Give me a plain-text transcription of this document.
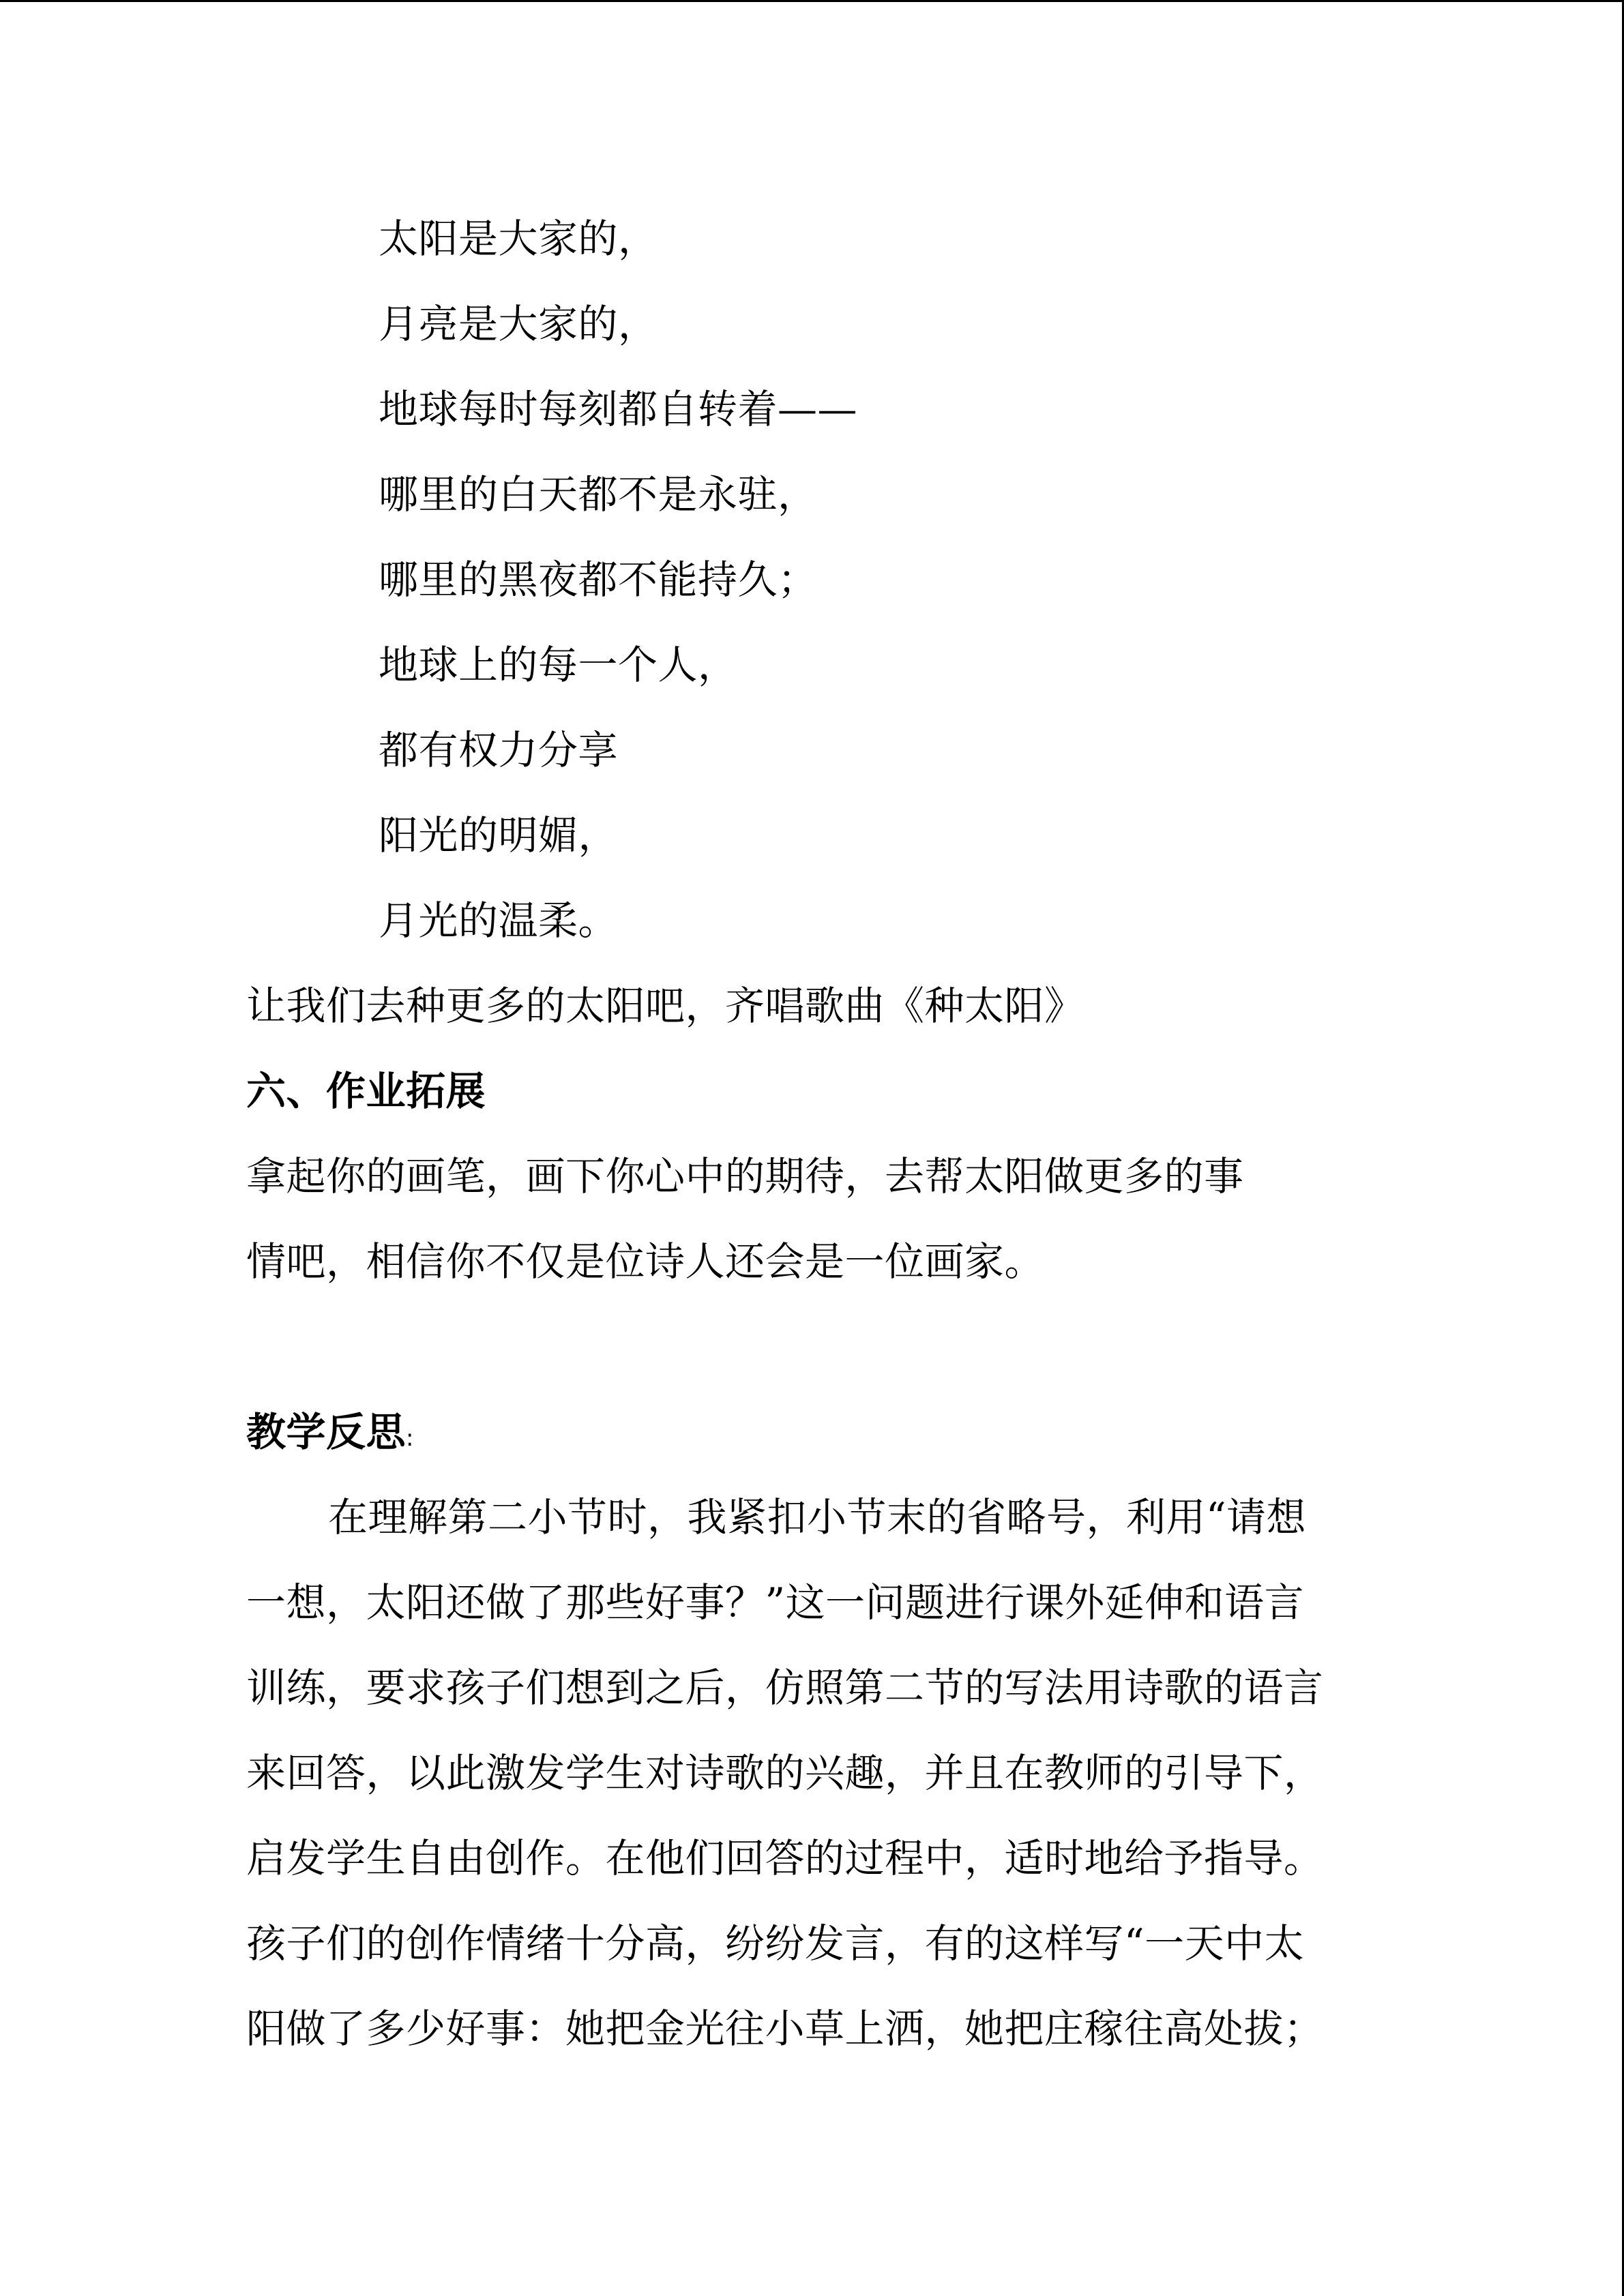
太阳是大家的，
月亮是大家的，
地球每时每刻都自转着——
哪里的白天都不是永驻，
哪里的黑夜都不能持久；
地球上的每一个人，
都有权力分享
阳光的明媚，
月光的温柔。
让我们去种更多的太阳吧，齐唱歌曲《种太阳》
六、作业拓展
拿起你的画笔，画下你心中的期待，去帮太阳做更多的事
情吧，相信你不仅是位诗人还会是一位画家。
教学反思:
在理解第二小节时，我紧扣小节末的省略号，利用“请想
一想，太阳还做了那些好事？”这一问题进行课外延伸和语言
训练，要求孩子们想到之后，仿照第二节的写法用诗歌的语言
来回答，以此激发学生对诗歌的兴趣，并且在教师的引导下，
启发学生自由创作。在他们回答的过程中，适时地给予指导。
孩子们的创作情绪十分高，纷纷发言，有的这样写“一天中太
阳做了多少好事：她把金光往小草上洒，她把庄稼往高处拔；
